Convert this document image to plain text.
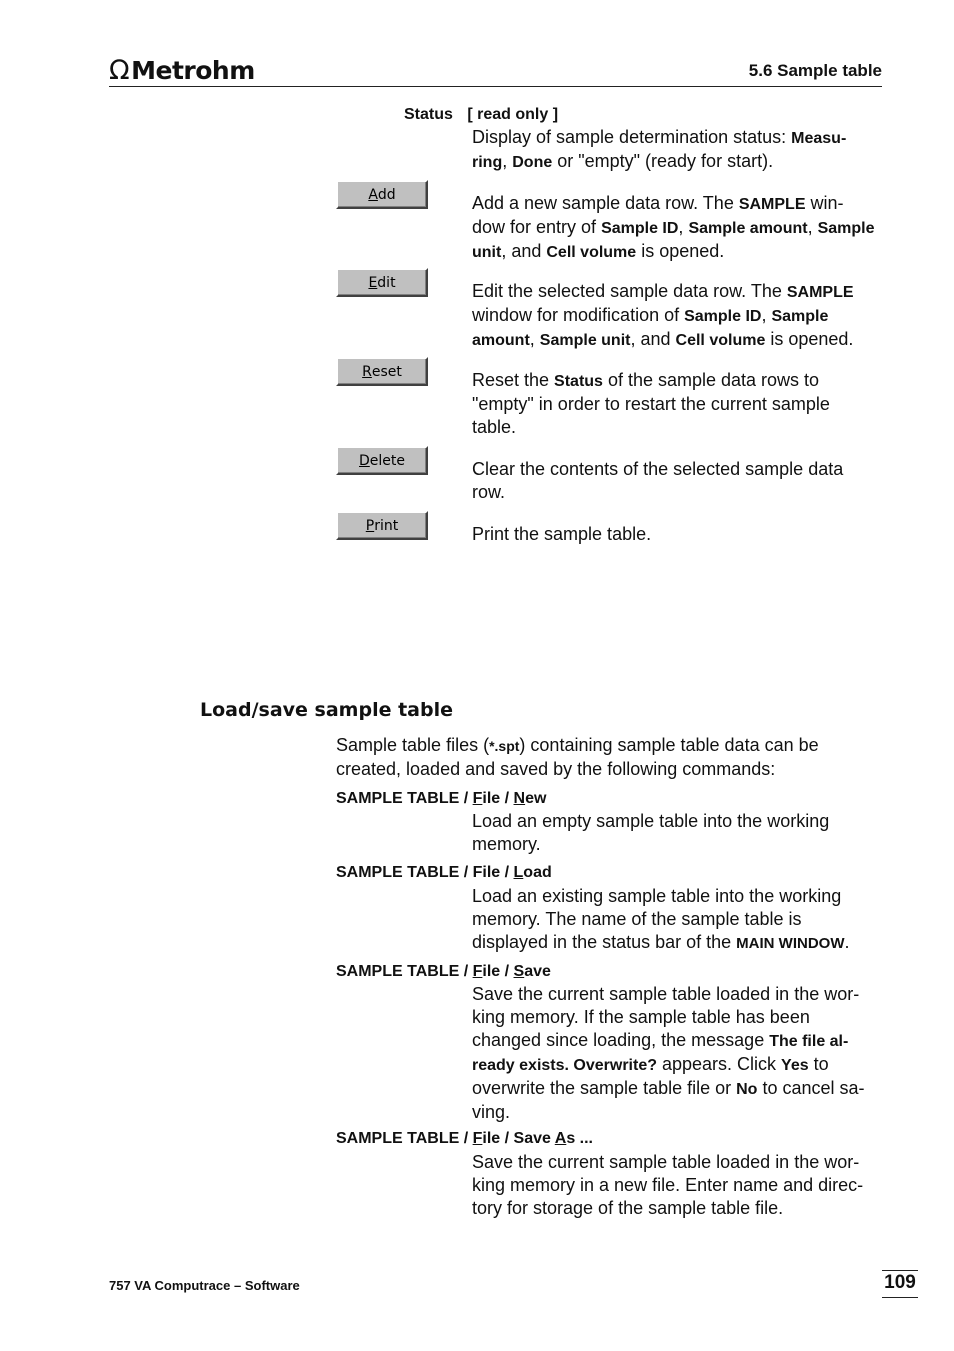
Ω Metrohm	5.6 Sample table
Status [ read only ]
Display of sample determination status: Measu-
ring, Done or "empty" (ready for start).
A dd	Add a new sample data row. The SAMPLE win-
dow for entry of Sample ID, Sample amount, Sample
unit, and Cell volume is opened.
E dit	Edit the selected sample data row. The SAMPLE
window for modification of Sample ID, Sample
amount, Sample unit, and Cell volume is opened.
R eset	Reset the Status of the sample data rows to
"empty" in order to restart the current sample
table.
D elete	Clear the contents of the selected sample data
row.
P rint	Print the sample table.
Load/save sample table
Sample table files (*.spt) containing sample table data can be
created, loaded and saved by the following commands:
SAMPLE TABLE / File / New
Load an empty sample table into the working
memory.
SAMPLE TABLE / File / Load
Load an existing sample table into the working
memory. The name of the sample table is
displayed in the status bar of the MAIN WINDOW.
SAMPLE TABLE / File / Save
Save the current sample table loaded in the wor-
king memory. If the sample table has been
changed since loading, the message The file al-
ready exists. Overwrite? appears. Click Yes to
overwrite the sample table file or No to cancel sa-
ving.
SAMPLE TABLE / File / Save As ...
Save the current sample table loaded in the wor-
king memory in a new file. Enter name and direc-
tory for storage of the sample table file.
757 VA Computrace – Software	109
